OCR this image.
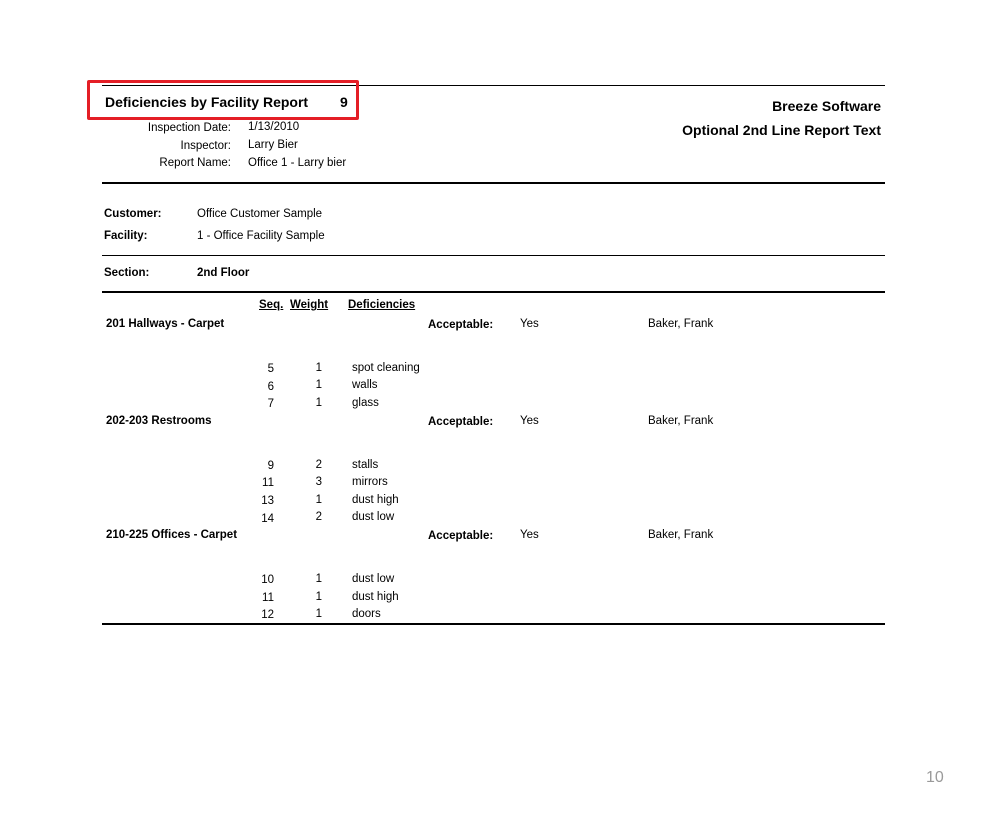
Deficiencies by Facility Report 9	Breeze Software
Optional 2nd Line Report Text
Inspection Date: 1/13/2010
Inspector: Larry Bier
Report Name: Office 1 - Larry bier
Customer:	Office Customer Sample
Facility:	1 - Office Facility Sample
Section:	2nd Floor
Seq. Weight Deficiencies
201 Hallways - Carpet	Acceptable: Yes	Baker, Frank
5	1	spot cleaning
6	1	walls
7	1	glass
202-203 Restrooms	Acceptable: Yes	Baker, Frank
9	2	stalls
11	3	mirrors
13	1	dust high
14	2	dust low
210-225 Offices - Carpet	Acceptable: Yes	Baker, Frank
10	1	dust low
11	1	dust high
12	1	doors
10
